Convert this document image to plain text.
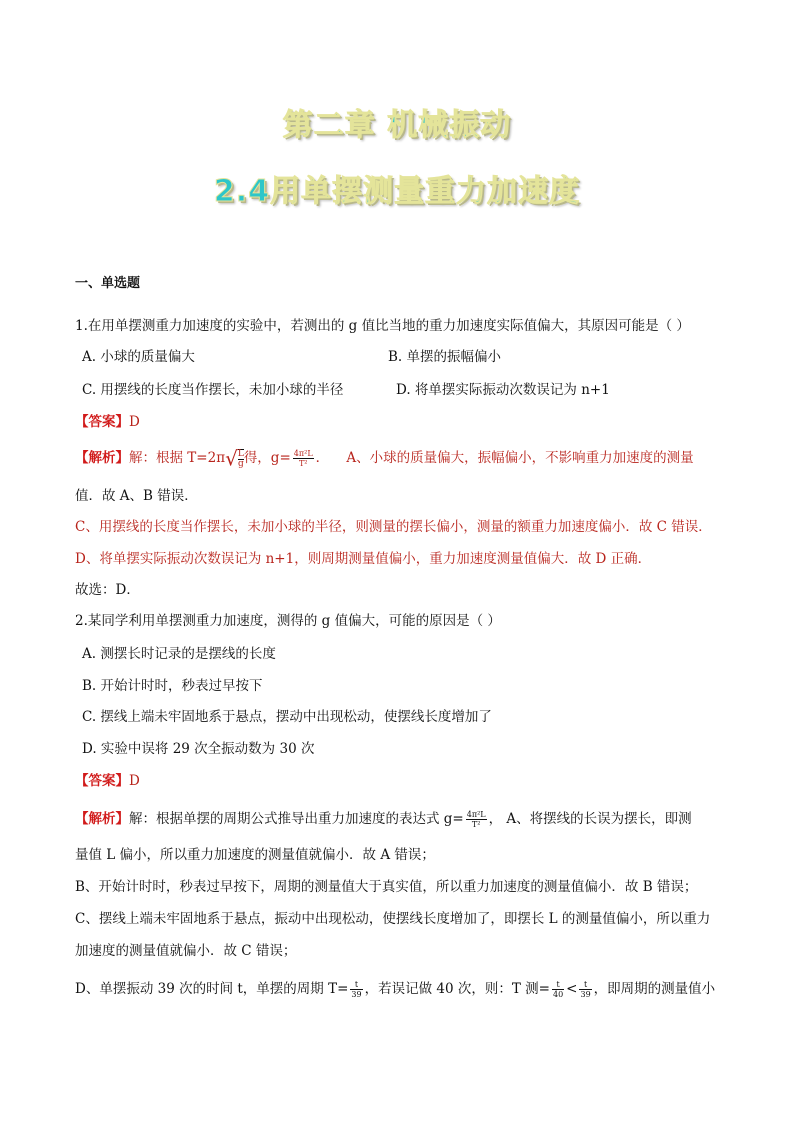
第二章 机械振动
2.4用单摆测量重力加速度
一、单选题
1.在用单摆测重力加速度的实验中，若测出的 g 值比当地的重力加速度实际值偏大，其原因可能是（ ）
A. 小球的质量偏大	B. 单摆的振幅偏小
C. 用摆线的长度当作摆长，未加小球的半径	D. 将单摆实际振动次数误记为 n+1
【答案】D
【解析】解：根据 $T=2\pi√ \frac{L}{g}$ 得，$g= \frac{\text{4π²L}}{\text{T²}}$ ． A、小球的质量偏大，振幅偏小，不影响重力加速度的测量
值．故 A、B 错误．
C、用摆线的长度当作摆长，未加小球的半径，则测量的摆长偏小，测量的额重力加速度偏小．故 C 错误．
D、将单摆实际振动次数误记为 n+1，则周期测量值偏小，重力加速度测量值偏大．故 D 正确．
故选：D．
2.某同学利用单摆测重力加速度，测得的 g 值偏大，可能的原因是（ ）
A. 测摆长时记录的是摆线的长度
B. 开始计时时，秒表过早按下
C. 摆线上端未牢固地系于悬点，摆动中出现松动，使摆线长度增加了
D. 实验中误将 29 次全振动数为 30 次
【答案】D
【解析】解：根据单摆的周期公式推导出重力加速度的表达式 $g= \frac{\text{4π²L}}{\text{T²}}$ ， A、将摆线的长误为摆长，即测
量值 L 偏小，所以重力加速度的测量值就偏小．故 A 错误；
B、开始计时时，秒表过早按下，周期的测量值大于真实值，所以重力加速度的测量值偏小．故 B 错误；
C、摆线上端未牢固地系于悬点，振动中出现松动，使摆线长度增加了，即摆长 L 的测量值偏小，所以重力
加速度的测量值就偏小．故 C 错误；
D、单摆振动 39 次的时间 t，单摆的周期 $T= \frac{t}{39}$ ，若误记做 40 次，则：T 测= $\frac{t}{40} < \frac{t}{39}$ ，即周期的测量值小
